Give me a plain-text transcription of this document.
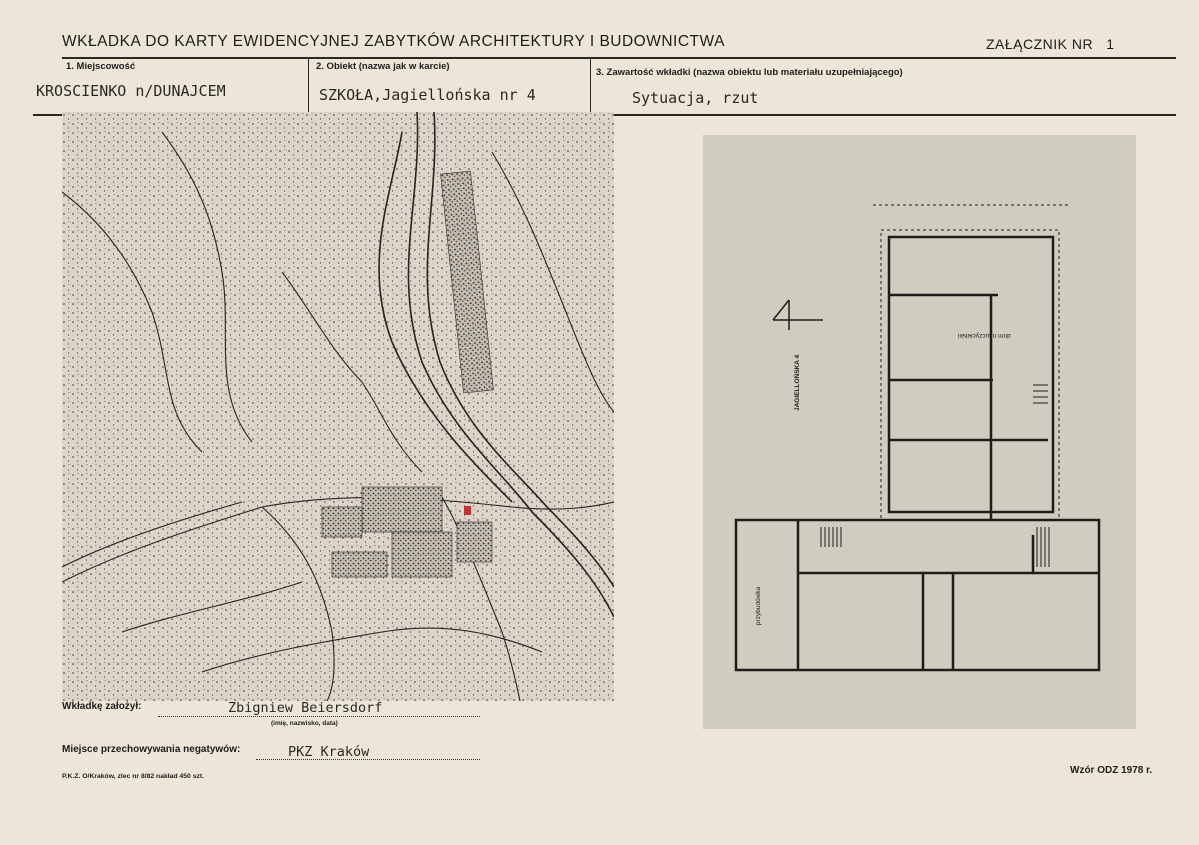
WKŁADKA DO KARTY EWIDENCYJNEJ ZABYTKÓW ARCHITEKTURY I BUDOWNICTWA	ZAŁĄCZNIK NR 1
1. Miejscowość
KROSCIENKO n/DUNAJCEM
2. Obiekt (nazwa jak w karcie)
SZKOŁA,Jagiellońska nr 4
3. Zawartość wkładki (nazwa obiektu lub materiału uzupełniającego)
Sytuacja, rzut
JAGIELLOŃSKA 4
przybudówka
dom nauczycielski
Wkładkę założył:	Zbigniew Beiersdorf
(imię, nazwisko, data)
Miejsce przechowywania negatywów:	PKZ Kraków
P.K.Z. O/Kraków, zlec nr 8/82 nakład 450 szt.
Wzór ODZ 1978 r.
